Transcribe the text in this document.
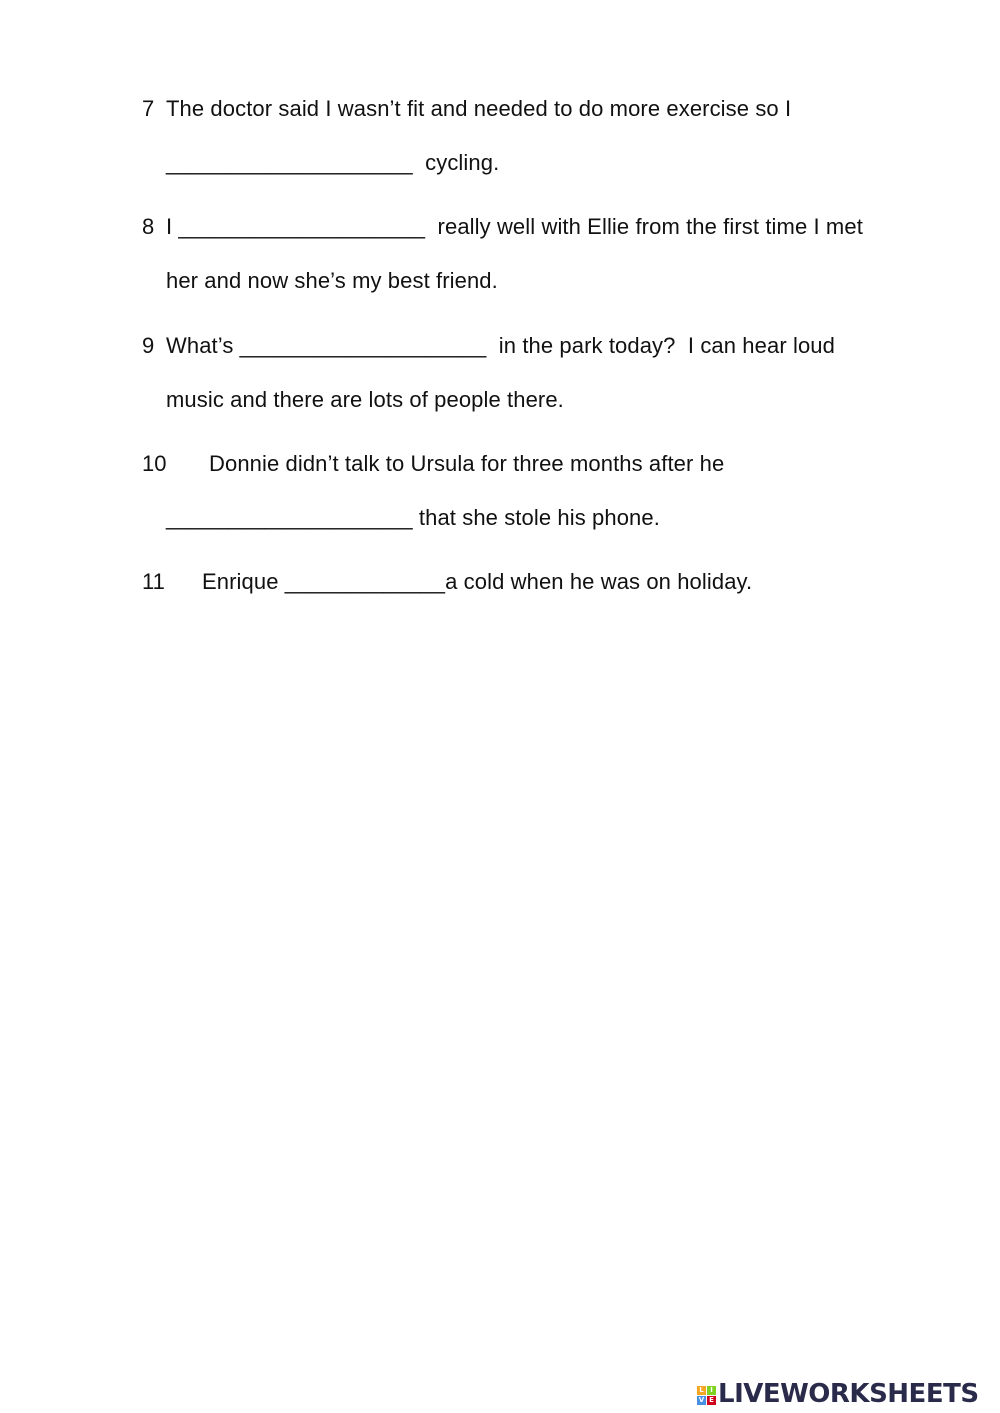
7 The doctor said I wasn’t fit and needed to do more exercise so I
____________________  cycling.
8 I ____________________  really well with Ellie from the first time I met
her and now she’s my best friend.
9 What’s ____________________  in the park today?  I can hear loud
music and there are lots of people there.
10 Donnie didn’t talk to Ursula for three months after he
____________________ that she stole his phone.
11 Enrique _____________a cold when he was on holiday.
L I
V E LIVEWORKSHEETS
